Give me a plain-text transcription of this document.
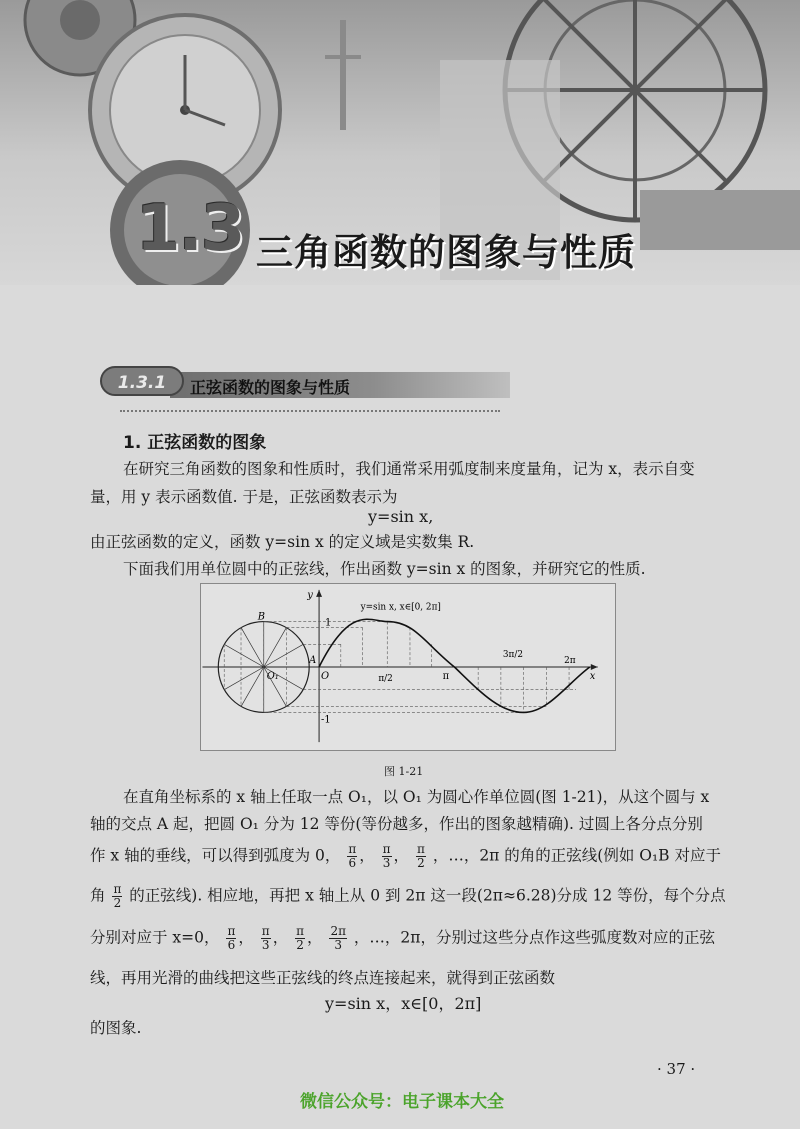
1.3 三角函数的图象与性质
1.3.1	正弦函数的图象与性质
1. 正弦函数的图象
在研究三角函数的图象和性质时，我们通常采用弧度制来度量角，记为 x，表示自变
量，用 y 表示函数值. 于是，正弦函数表示为
y=sin x,
由正弦函数的定义，函数 y=sin x 的定义域是实数集 R.
下面我们用单位圆中的正弦线，作出函数 y=sin x 的图象，并研究它的性质.
y=sin x, x∈[0, 2π]
y
x
B
A
O₁	O
1
-1
π/2	π
3π/2
2π
图 1-21
在直角坐标系的 x 轴上任取一点 O₁，以 O₁ 为圆心作单位圆(图 1-21)，从这个圆与 x
轴的交点 A 起，把圆 O₁ 分为 12 等份(等份越多，作出的图象越精确). 过圆上各分点分别
作 x 轴的垂线，可以得到弧度为 0， $\frac{\pi}{6}$ ， $\frac{\pi}{3}$ ， $\frac{\pi}{2}$ ，…，2π 的角的正弦线(例如 O₁B 对应于
角 $\frac{\pi}{2}$ 的正弦线). 相应地，再把 x 轴上从 0 到 2π 这一段(2π≈6.28)分成 12 等份，每个分点
分别对应于 x=0， $\frac{\pi}{6}$ ， $\frac{\pi}{3}$ ， $\frac{\pi}{2}$ ， $\frac{2\pi}{3}$ ，…，2π，分别过这些分点作这些弧度数对应的正弦
线，再用光滑的曲线把这些正弦线的终点连接起来，就得到正弦函数
y=sin x，x∈[0，2π]
的图象.
· 37 ·
微信公众号：电子课本大全
